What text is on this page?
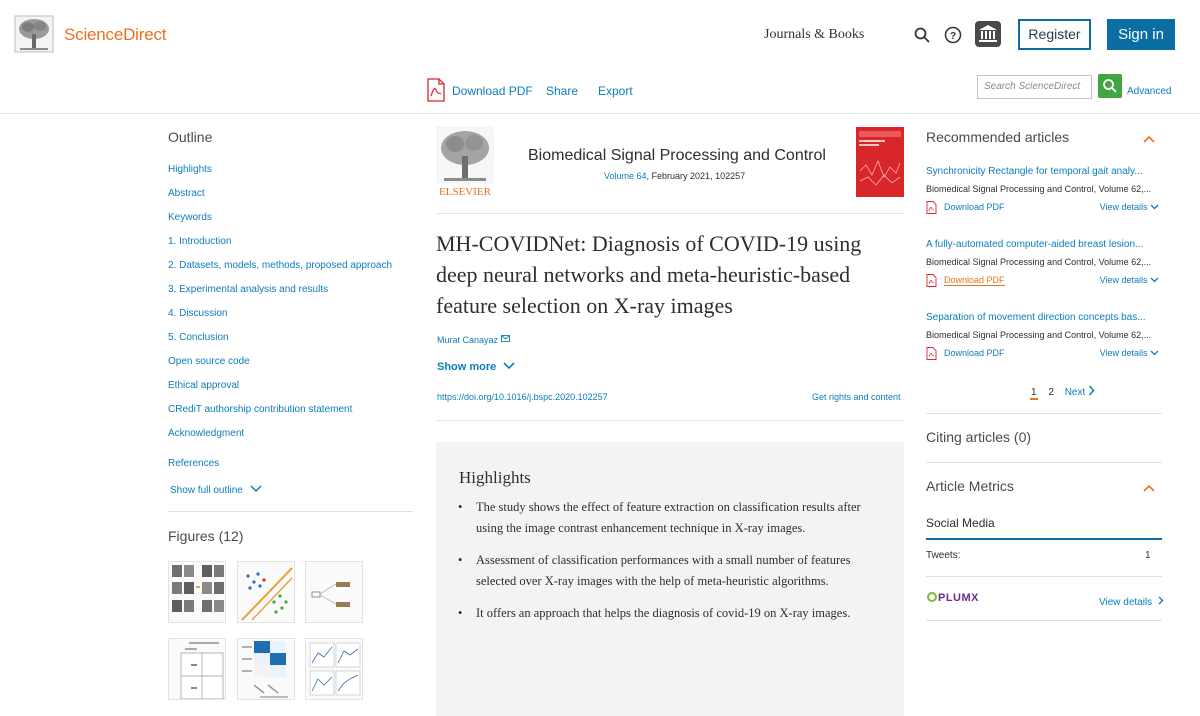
ScienceDirect	Journals & Books	?	Register	Sign in
Download PDF Share Export	Search ScienceDirect	Advanced
Outline
Highlights
Abstract
Keywords
1. Introduction
2. Datasets, models, methods, proposed approach
3. Experimental analysis and results
4. Discussion
5. Conclusion
Open source code
Ethical approval
CRediT authorship contribution statement
Acknowledgment
References
Show full outline
Figures (12)
ELSEVIER
Biomedical Signal Processing and Control
Volume 64, February 2021, 102257
MH-COVIDNet: Diagnosis of COVID-19 using deep neural networks and meta-heuristic-based feature selection on X-ray images
Murat Canayaz
Show more
https://doi.org/10.1016/j.bspc.2020.102257	Get rights and content
Highlights
• The study shows the effect of feature extraction on classification results after using the image contrast enhancement technique in X-ray images.
• Assessment of classification performances with a small number of features selected over X-ray images with the help of meta-heuristic algorithms.
• It offers an approach that helps the diagnosis of covid-19 on X-ray images.
Recommended articles
Synchronicity Rectangle for temporal gait analy...
Biomedical Signal Processing and Control, Volume 62,...
Download PDF	View details
A fully-automated computer-aided breast lesion...
Biomedical Signal Processing and Control, Volume 62,...
Download PDF	View details
Separation of movement direction concepts bas...
Biomedical Signal Processing and Control, Volume 62,...
Download PDF	View details
1 2 Next
Citing articles (0)
Article Metrics
Social Media
Tweets:	1
PLUMX	View details
